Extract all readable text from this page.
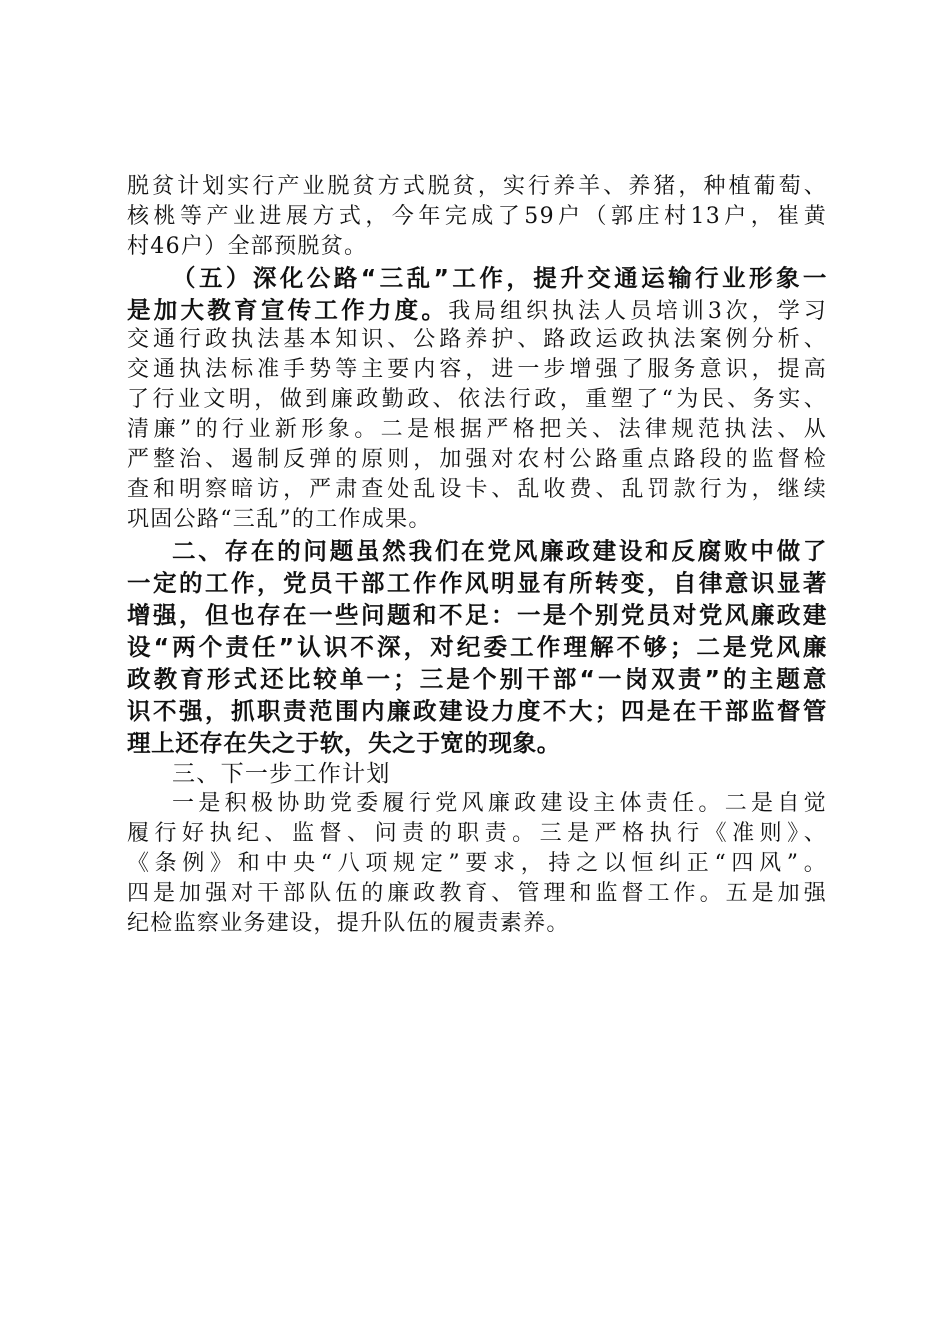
脱贫计划实行产业脱贫方式脱贫，实行养羊、养猪，种植葡萄、
核桃等产业进展方式，今年完成了59户（郭庄村13户，崔黄
村46户）全部预脱贫。
（五）深化公路“三乱”工作，提升交通运输行业形象一
是加大教育宣传工作力度。我局组织执法人员培训3次，学习
交通行政执法基本知识、公路养护、路政运政执法案例分析、
交通执法标准手势等主要内容，进一步增强了服务意识，提高
了行业文明，做到廉政勤政、依法行政，重塑了“为民、务实、
清廉”的行业新形象。二是根据严格把关、法律规范执法、从
严整治、遏制反弹的原则，加强对农村公路重点路段的监督检
查和明察暗访，严肃查处乱设卡、乱收费、乱罚款行为，继续
巩固公路“三乱”的工作成果。
二、存在的问题虽然我们在党风廉政建设和反腐败中做了
一定的工作，党员干部工作作风明显有所转变，自律意识显著
增强，但也存在一些问题和不足：一是个别党员对党风廉政建
设“两个责任”认识不深，对纪委工作理解不够；二是党风廉
政教育形式还比较单一；三是个别干部“一岗双责”的主题意
识不强，抓职责范围内廉政建设力度不大；四是在干部监督管
理上还存在失之于软，失之于宽的现象。
三、下一步工作计划
一是积极协助党委履行党风廉政建设主体责任。二是自觉
履行好执纪、监督、问责的职责。三是严格执行《准则》、
《条例》和中央“八项规定”要求，持之以恒纠正“四风”。
四是加强对干部队伍的廉政教育、管理和监督工作。五是加强
纪检监察业务建设，提升队伍的履责素养。
